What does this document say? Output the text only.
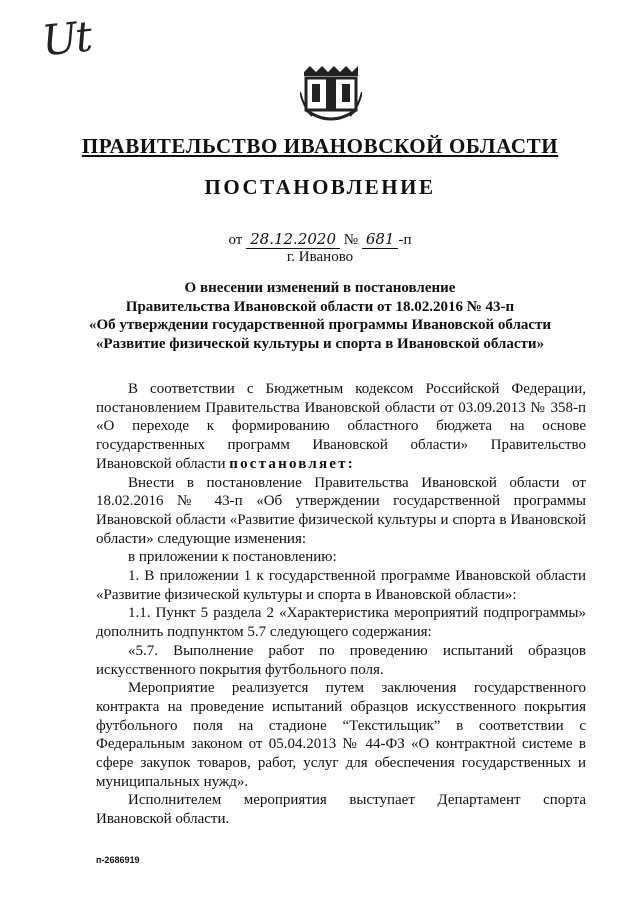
Ut
ПРАВИТЕЛЬСТВО ИВАНОВСКОЙ ОБЛАСТИ
ПОСТАНОВЛЕНИЕ
от 28.12.2020 № 681 -п
г. Иваново
О внесении изменений в постановление
Правительства Ивановской области от 18.02.2016 № 43-п
«Об утверждении государственной программы Ивановской области
«Развитие физической культуры и спорта в Ивановской области»

В соответствии с Бюджетным кодексом Российской Федерации, постановлением Правительства Ивановской области от 03.09.2013 № 358-п «О переходе к формированию областного бюджета на основе государственных программ Ивановской области» Правительство Ивановской области постановляет:

Внести в постановление Правительства Ивановской области от 18.02.2016 № 43-п «Об утверждении государственной программы Ивановской области «Развитие физической культуры и спорта в Ивановской области» следующие изменения:

в приложении к постановлению:

1. В приложении 1 к государственной программе Ивановской области «Развитие физической культуры и спорта в Ивановской области»:

1.1. Пункт 5 раздела 2 «Характеристика мероприятий подпрограммы» дополнить подпунктом 5.7 следующего содержания:

«5.7. Выполнение работ по проведению испытаний образцов искусственного покрытия футбольного поля.

Мероприятие реализуется путем заключения государственного контракта на проведение испытаний образцов искусственного покрытия футбольного поля на стадионе “Текстильщик” в соответствии с Федеральным законом от 05.04.2013 № 44-ФЗ «О контрактной системе в сфере закупок товаров, работ, услуг для обеспечения государственных и муниципальных нужд».

Исполнителем мероприятия выступает Департамент спорта Ивановской области.

п-2686919
